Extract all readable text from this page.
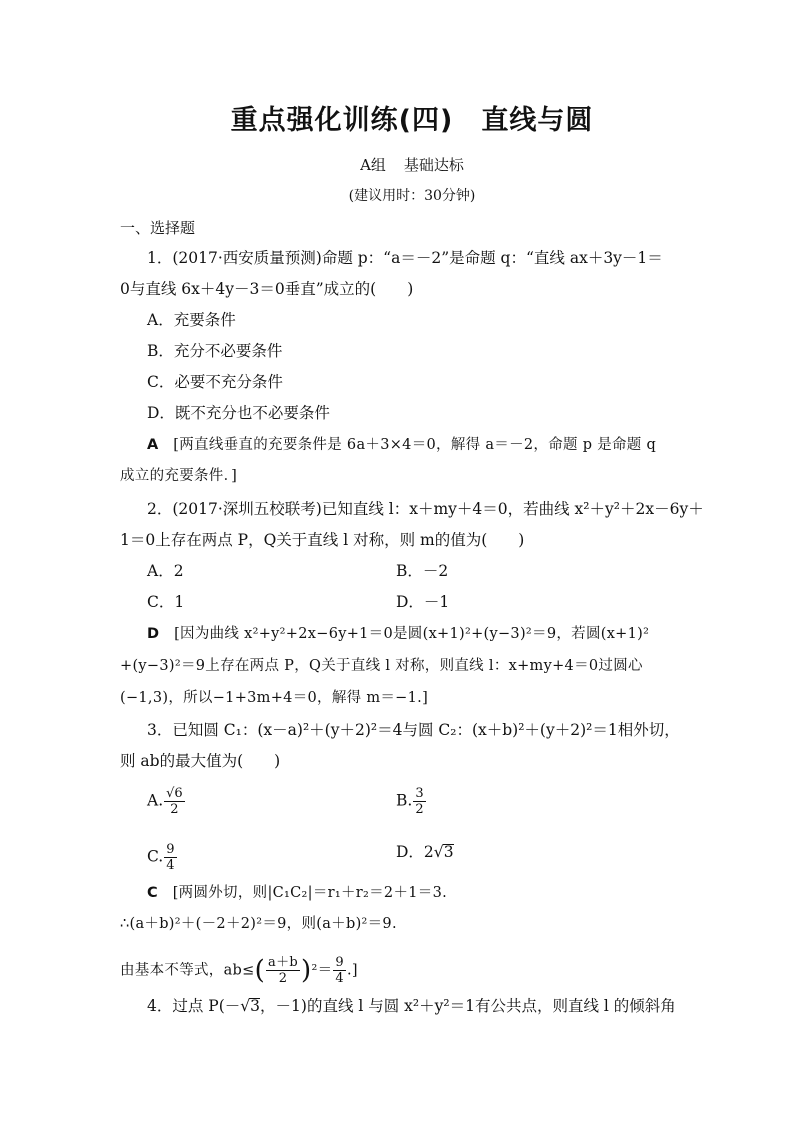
重点强化训练(四) 直线与圆
A组 基础达标
(建议用时：30分钟)
一、选择题
1．(2017·西安质量预测)命题 p：“a＝－2”是命题 q：“直线 ax＋3y－1＝
0与直线 6x＋4y－3＝0垂直”成立的(　　)
A．充要条件
B．充分不必要条件
C．必要不充分条件
D．既不充分也不必要条件
A [两直线垂直的充要条件是 6a＋3×4＝0，解得 a＝－2，命题 p 是命题 q
成立的充要条件．]
2．(2017·深圳五校联考)已知直线 l：x＋my＋4＝0，若曲线 x²＋y²＋2x－6y＋
1＝0上存在两点 P，Q关于直线 l 对称，则 m的值为(　　)
A．2	B．－2
C．1	D．－1
D [因为曲线 x²+y²+2x−6y+1＝0是圆(x+1)²+(y−3)²＝9，若圆(x+1)²
+(y−3)²＝9上存在两点 P，Q关于直线 l 对称，则直线 l：x+my+4＝0过圆心
(−1,3)，所以−1+3m+4＝0，解得 m＝−1.]
3．已知圆 C₁：(x－a)²＋(y＋2)²＝4与圆 C₂：(x＋b)²＋(y＋2)²＝1相外切，
则 ab的最大值为(　　)
A. $\frac{√6}{2}$	B. $\frac{3}{2}$
C. $\frac{9}{4}$	D．2√3
C [两圆外切，则|C₁C₂|＝r₁＋r₂＝2＋1＝3.
∴(a＋b)²＋(－2＋2)²＝9，则(a＋b)²＝9.
由基本不等式，$ab\le( \frac{a+b}{2} )^2= \frac{9}{4}$ .]
4．过点 P(－√3，－1)的直线 l 与圆 x²＋y²＝1有公共点，则直线 l 的倾斜角
